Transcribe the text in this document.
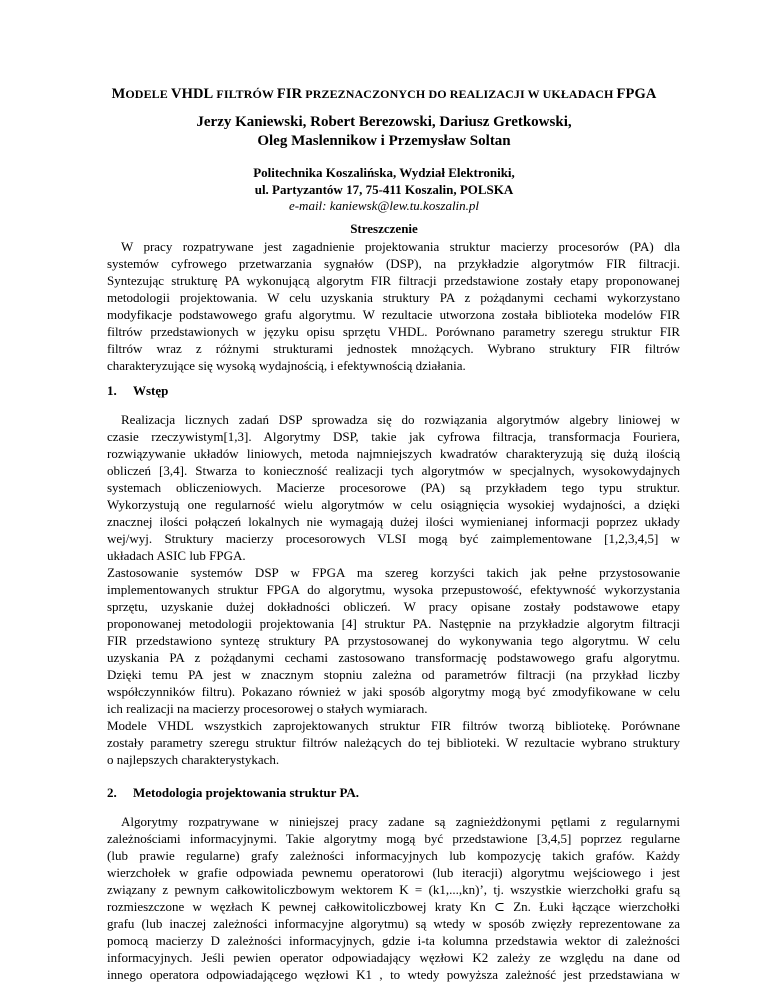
MODELE VHDL FILTRÓW FIR PRZEZNACZONYCH DO REALIZACJI W UKŁADACH FPGA
Jerzy Kaniewski, Robert Berezowski, Dariusz Gretkowski,
Oleg Maslennikow i Przemysław Soltan
Politechnika Koszalińska, Wydział Elektroniki,
ul. Partyzantów 17, 75-411 Koszalin, POLSKA
e-mail: kaniewsk@lew.tu.koszalin.pl
Streszczenie
W pracy rozpatrywane jest zagadnienie projektowania struktur macierzy procesorów (PA) dla
systemów cyfrowego przetwarzania sygnałów (DSP), na przykładzie algorytmów FIR filtracji.
Syntezując strukturę PA wykonującą algorytm FIR filtracji przedstawione zostały etapy proponowanej
metodologii projektowania. W celu uzyskania struktury PA z pożądanymi cechami wykorzystano
modyfikacje podstawowego grafu algorytmu. W rezultacie utworzona została biblioteka modelów FIR
filtrów przedstawionych w języku opisu sprzętu VHDL. Porównano parametry szeregu struktur FIR
filtrów wraz z różnymi strukturami jednostek mnożących. Wybrano struktury FIR filtrów
charakteryzujące się wysoką wydajnością, i efektywnością działania.
1. Wstęp
Realizacja licznych zadań DSP sprowadza się do rozwiązania algorytmów algebry liniowej w
czasie rzeczywistym[1,3]. Algorytmy DSP, takie jak cyfrowa filtracja, transformacja Fouriera,
rozwiązywanie układów liniowych, metoda najmniejszych kwadratów charakteryzują się dużą ilością
obliczeń [3,4]. Stwarza to konieczność realizacji tych algorytmów w specjalnych, wysokowydajnych
systemach obliczeniowych. Macierze procesorowe (PA) są przykładem tego typu struktur.
Wykorzystują one regularność wielu algorytmów w celu osiągnięcia wysokiej wydajności, a dzięki
znacznej ilości połączeń lokalnych nie wymagają dużej ilości wymienianej informacji poprzez układy
wej/wyj. Struktury macierzy procesorowych VLSI mogą być zaimplementowane [1,2,3,4,5] w
układach ASIC lub FPGA.
Zastosowanie systemów DSP w FPGA ma szereg korzyści takich jak pełne przystosowanie
implementowanych struktur FPGA do algorytmu, wysoka przepustowość, efektywność wykorzystania
sprzętu, uzyskanie dużej dokładności obliczeń. W pracy opisane zostały podstawowe etapy
proponowanej metodologii projektowania [4] struktur PA. Następnie na przykładzie algorytm filtracji
FIR przedstawiono syntezę struktury PA przystosowanej do wykonywania tego algorytmu. W celu
uzyskania PA z pożądanymi cechami zastosowano transformację podstawowego grafu algorytmu.
Dzięki temu PA jest w znacznym stopniu zależna od parametrów filtracji (na przykład liczby
współczynników filtru). Pokazano również w jaki sposób algorytmy mogą być zmodyfikowane w celu
ich realizacji na macierzy procesorowej o stałych wymiarach.
Modele VHDL wszystkich zaprojektowanych struktur FIR filtrów tworzą bibliotekę. Porównane
zostały parametry szeregu struktur filtrów należących do tej biblioteki. W rezultacie wybrano struktury
o najlepszych charakterystykach.
2. Metodologia projektowania struktur PA.
Algorytmy rozpatrywane w niniejszej pracy zadane są zagnieżdżonymi pętlami z regularnymi
zależnościami informacyjnymi. Takie algorytmy mogą być przedstawione [3,4,5] poprzez regularne
(lub prawie regularne) grafy zależności informacyjnych lub kompozycję takich grafów. Każdy
wierzchołek w grafie odpowiada pewnemu operatorowi (lub iteracji) algorytmu wejściowego i jest
związany z pewnym całkowitoliczbowym wektorem K = (k1,...,kn)’, tj. wszystkie wierzchołki grafu są
rozmieszczone w węzłach K pewnej całkowitoliczbowej kraty Kn ⊂ Zn. Łuki łączące wierzchołki
grafu (lub inaczej zależności informacyjne algorytmu) są wtedy w sposób zwięzły reprezentowane za
pomocą macierzy D zależności informacyjnych, gdzie i-ta kolumna przedstawia wektor di zależności
informacyjnych. Jeśli pewien operator odpowiadający węzłowi K2 zależy ze względu na dane od
innego operatora odpowiadającego węzłowi K1 , to wtedy powyższa zależność jest przedstawiana w
